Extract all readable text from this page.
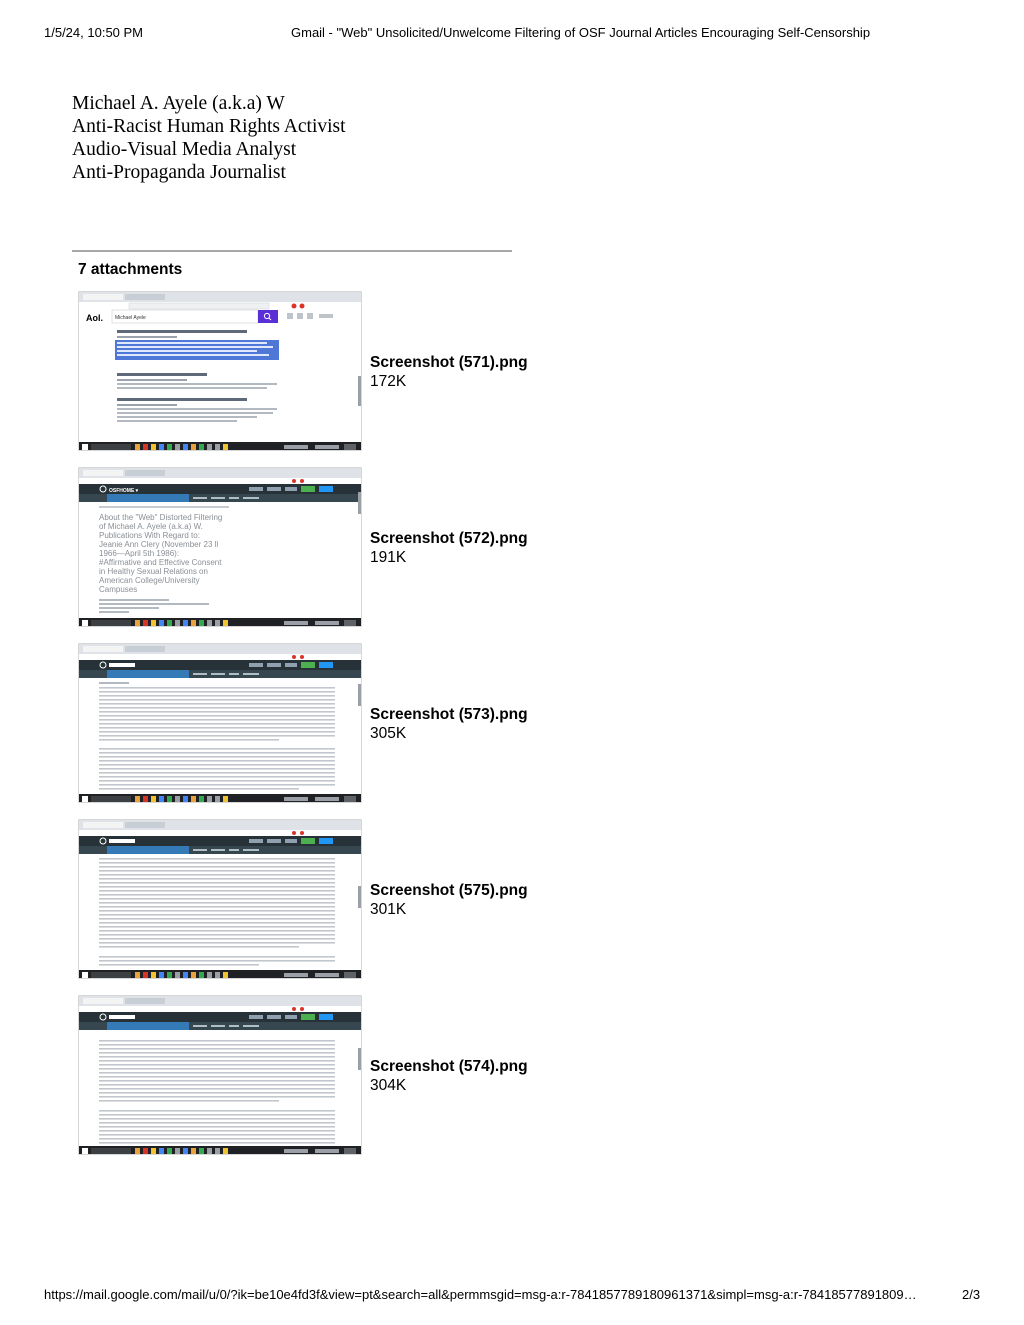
1/5/24, 10:50 PM	Gmail - "Web" Unsolicited/Unwelcome Filtering of OSF Journal Articles Encouraging Self-Censorship
Michael A. Ayele (a.k.a) W
Anti-Racist Human Rights Activist
Audio-Visual Media Analyst
Anti-Propaganda Journalist
7 attachments
Aol. Michael Ayele
Screenshot (571).png
172K
OSFHOME ▾
About the "Web" Distorted Filtering
of Michael A. Ayele (a.k.a) W.
Publications With Regard to:
Jeanie Ann Clery (November 23 ll
1966—April 5th 1986):
#Affirmative and Effective Consent
in Healthy Sexual Relations on
American College/University
Campuses
Screenshot (572).png
191K
Screenshot (573).png
305K
Screenshot (575).png
301K
Screenshot (574).png
304K
https://mail.google.com/mail/u/0/?ik=be10e4fd3f&view=pt&search=all&permmsgid=msg-a:r-7841857789180961371&simpl=msg-a:r-78418577891809…	2/3
